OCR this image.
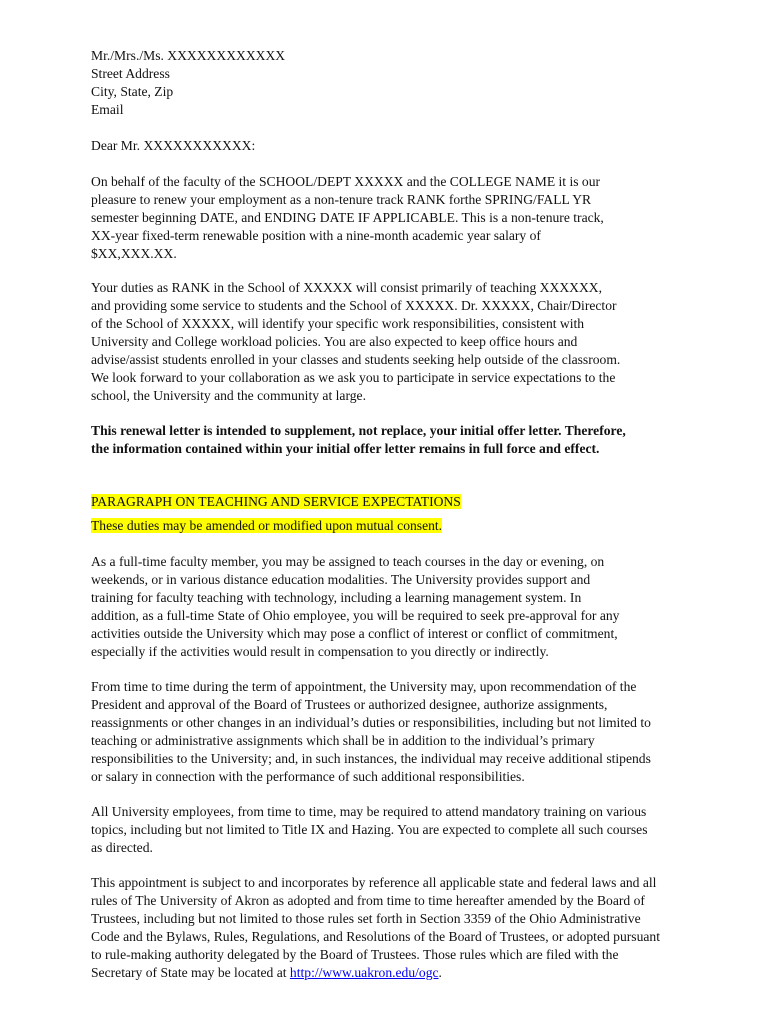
Mr./Mrs./Ms. XXXXXXXXXXXX
Street Address
City, State, Zip
Email
Dear Mr. XXXXXXXXXXX:
On behalf of the faculty of the SCHOOL/DEPT XXXXX and the COLLEGE NAME it is our
pleasure to renew your employment as a non-tenure track RANK forthe SPRING/FALL YR
semester beginning DATE, and ENDING DATE IF APPLICABLE. This is a non-tenure track,
XX-year fixed-term renewable position with a nine-month academic year salary of
$XX,XXX.XX.
Your duties as RANK in the School of XXXXX will consist primarily of teaching XXXXXX,
and providing some service to students and the School of XXXXX. Dr. XXXXX, Chair/Director
of the School of XXXXX, will identify your specific work responsibilities, consistent with
University and College workload policies. You are also expected to keep office hours and
advise/assist students enrolled in your classes and students seeking help outside of the classroom.
We look forward to your collaboration as we ask you to participate in service expectations to the
school, the University and the community at large.
This renewal letter is intended to supplement, not replace, your initial offer letter. Therefore,
the information contained within your initial offer letter remains in full force and effect.
PARAGRAPH ON TEACHING AND SERVICE EXPECTATIONS
These duties may be amended or modified upon mutual consent.
As a full-time faculty member, you may be assigned to teach courses in the day or evening, on
weekends, or in various distance education modalities. The University provides support and
training for faculty teaching with technology, including a learning management system. In
addition, as a full-time State of Ohio employee, you will be required to seek pre-approval for any
activities outside the University which may pose a conflict of interest or conflict of commitment,
especially if the activities would result in compensation to you directly or indirectly.
From time to time during the term of appointment, the University may, upon recommendation of the
President and approval of the Board of Trustees or authorized designee, authorize assignments,
reassignments or other changes in an individual’s duties or responsibilities, including but not limited to
teaching or administrative assignments which shall be in addition to the individual’s primary
responsibilities to the University; and, in such instances, the individual may receive additional stipends
or salary in connection with the performance of such additional responsibilities.
All University employees, from time to time, may be required to attend mandatory training on various
topics, including but not limited to Title IX and Hazing. You are expected to complete all such courses
as directed.
This appointment is subject to and incorporates by reference all applicable state and federal laws and all
rules of The University of Akron as adopted and from time to time hereafter amended by the Board of
Trustees, including but not limited to those rules set forth in Section 3359 of the Ohio Administrative
Code and the Bylaws, Rules, Regulations, and Resolutions of the Board of Trustees, or adopted pursuant
to rule-making authority delegated by the Board of Trustees. Those rules which are filed with the
Secretary of State may be located at http://www.uakron.edu/ogc.
